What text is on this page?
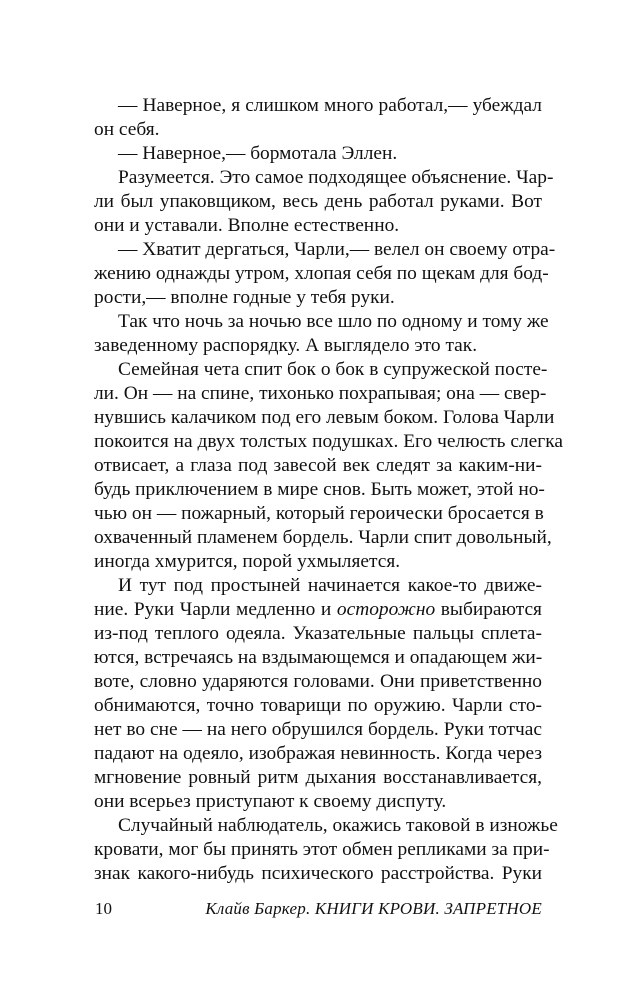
— Наверное, я слишком много работал,— убеждал
он себя.
— Наверное,— бормотала Эллен.
Разумеется. Это самое подходящее объяснение. Чар-
ли был упаковщиком, весь день работал руками. Вот
они и уставали. Вполне естественно.
— Хватит дергаться, Чарли,— велел он своему отра-
жению однажды утром, хлопая себя по щекам для бод-
рости,— вполне годные у тебя руки.
Так что ночь за ночью все шло по одному и тому же
заведенному распорядку. А выглядело это так.
Семейная чета спит бок о бок в супружеской посте-
ли. Он — на спине, тихонько похрапывая; она — свер-
нувшись калачиком под его левым боком. Голова Чарли
покоится на двух толстых подушках. Его челюсть слегка
отвисает, а глаза под завесой век следят за каким-ни-
будь приключением в мире снов. Быть может, этой но-
чью он — пожарный, который героически бросается в
охваченный пламенем бордель. Чарли спит довольный,
иногда хмурится, порой ухмыляется.
И тут под простыней начинается какое-то движе-
ние. Руки Чарли медленно и осторожно выбираются
из-под теплого одеяла. Указательные пальцы сплета-
ются, встречаясь на вздымающемся и опадающем жи-
воте, словно ударяются головами. Они приветственно
обнимаются, точно товарищи по оружию. Чарли сто-
нет во сне — на него обрушился бордель. Руки тотчас
падают на одеяло, изображая невинность. Когда через
мгновение ровный ритм дыхания восстанавливается,
они всерьез приступают к своему диспуту.
Случайный наблюдатель, окажись таковой в изножье
кровати, мог бы принять этот обмен репликами за при-
знак какого-нибудь психического расстройства. Руки
10	Клайв Баркер. КНИГИ КРОВИ. ЗАПРЕТНОЕ
